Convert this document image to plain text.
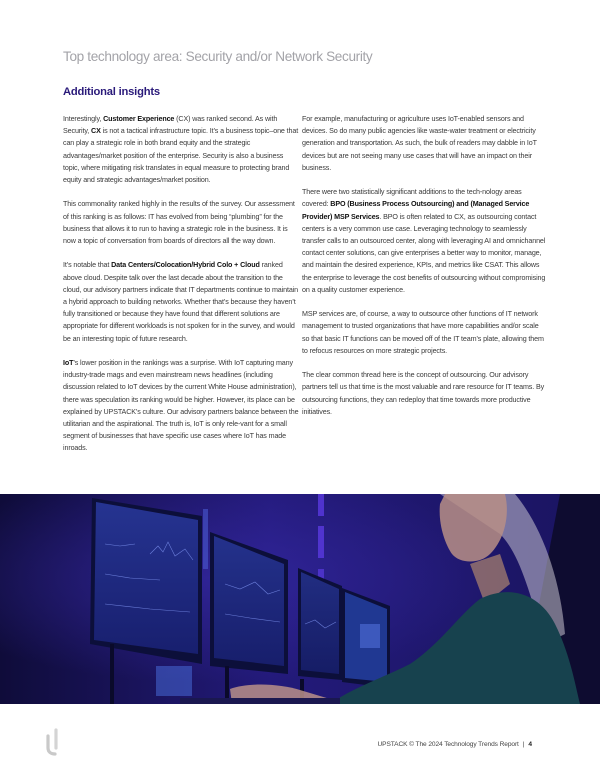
Top technology area: Security and/or Network Security
Additional insights

Interestingly, Customer Experience (CX) was ranked second. As with Security, CX is not a tactical infrastructure topic. It’s a business topic–one that can play a strategic role in both brand equity and the strategic advantages/market position of the enterprise. Security is also a business topic, where mitigating risk translates in equal measure to protecting brand equity and strategic advantages/market position.

This commonality ranked highly in the results of the survey. Our assessment of this ranking is as follows: IT has evolved from being “plumbing” for the business that allows it to run to having a strategic role in the business. It is now a topic of conversation from boards of directors all the way down.

It’s notable that Data Centers/Colocation/Hybrid Colo + Cloud ranked above cloud. Despite talk over the last decade about the transition to the cloud, our advisory partners indicate that IT departments continue to maintain a hybrid approach to building networks. Whether that’s because they haven’t fully transitioned or because they have found that different solutions are appropriate for different workloads is not spoken for in the survey, and would be an interesting topic of future research.

IoT’s lower position in the rankings was a surprise. With IoT capturing many industry-trade mags and even mainstream news headlines (including discussion related to IoT devices by the current White House administration), there was speculation its ranking would be higher. However, its place can be explained by UPSTACK’s culture. Our advisory partners balance between the utilitarian and the aspirational. The truth is, IoT is only rele-vant for a small segment of businesses that have specific use cases where IoT has made inroads.

For example, manufacturing or agriculture uses IoT-enabled sensors and devices. So do many public agencies like waste-water treatment or electricity generation and transportation. As such, the bulk of readers may dabble in IoT devices but are not seeing many use cases that will have an impact on their business.

There were two statistically significant additions to the tech-nology areas covered: BPO (Business Process Outsourcing) and (Managed Service Provider) MSP Services. BPO is often related to CX, as outsourcing contact centers is a very common use case. Leveraging technology to seamlessly transfer calls to an outsourced center, along with leveraging AI and omnichannel contact center solutions, can give enterprises a better way to monitor, manage, and maintain the desired experience, KPIs, and metrics like CSAT. This allows the enterprise to leverage the cost benefits of outsourcing without compromising on a quality customer experience.

MSP services are, of course, a way to outsource other functions of IT network management to trusted organizations that have more capabilities and/or scale so that basic IT functions can be moved off of the IT team’s plate, allowing them to refocus resources on more strategic projects.

The clear common thread here is the concept of outsourcing. Our advisory partners tell us that time is the most valuable and rare resource for IT teams. By outsourcing functions, they can redeploy that time towards more productive initiatives.

UPSTACK © The 2024 Technology Trends Report | 4
